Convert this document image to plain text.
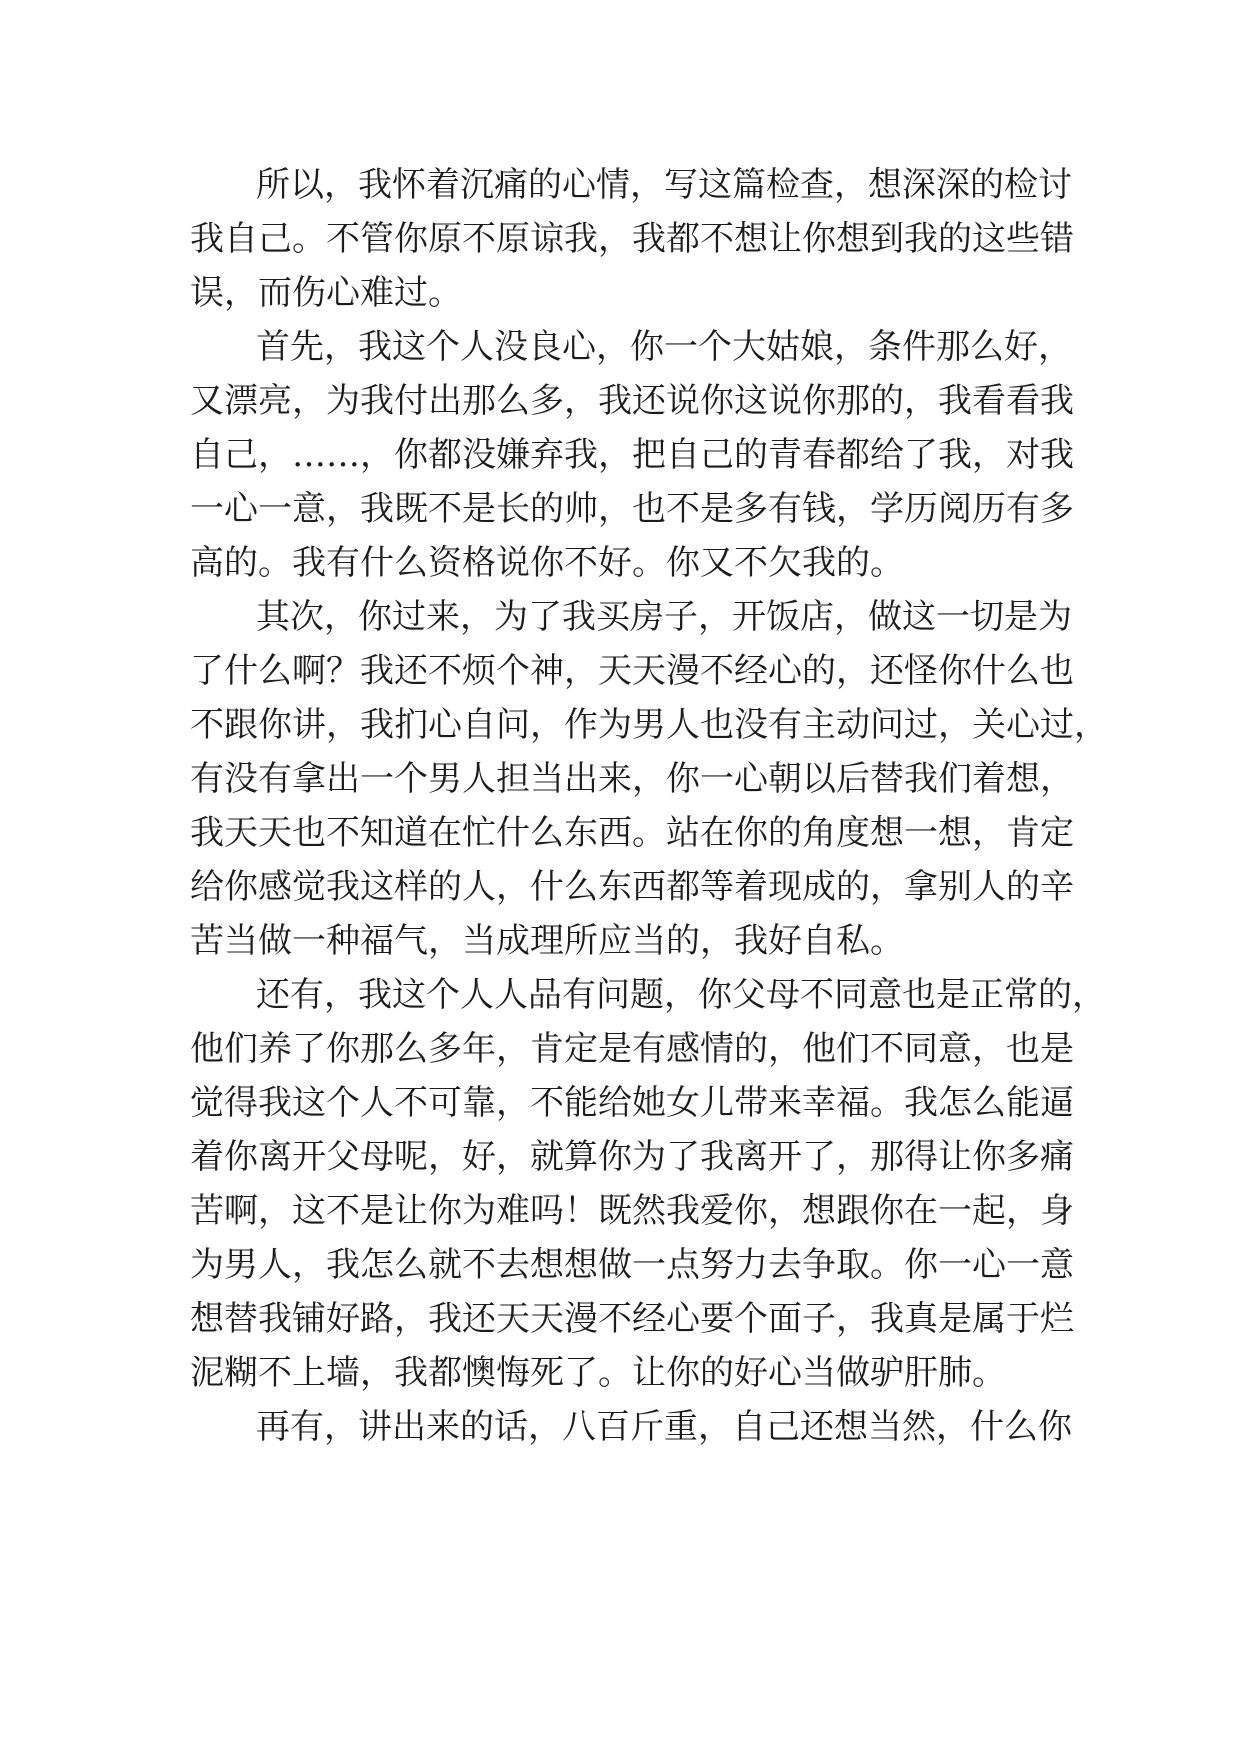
所以，我怀着沉痛的心情，写这篇检查，想深深的检讨
我自己。不管你原不原谅我，我都不想让你想到我的这些错
误，而伤心难过。
首先，我这个人没良心，你一个大姑娘，条件那么好，
又漂亮，为我付出那么多，我还说你这说你那的，我看看我
自己，……，你都没嫌弃我，把自己的青春都给了我，对我
一心一意，我既不是长的帅，也不是多有钱，学历阅历有多
高的。我有什么资格说你不好。你又不欠我的。
其次，你过来，为了我买房子，开饭店，做这一切是为
了什么啊？我还不烦个神，天天漫不经心的，还怪你什么也
不跟你讲，我扪心自问，作为男人也没有主动问过，关心过，
有没有拿出一个男人担当出来，你一心朝以后替我们着想，
我天天也不知道在忙什么东西。站在你的角度想一想，肯定
给你感觉我这样的人，什么东西都等着现成的，拿别人的辛
苦当做一种福气，当成理所应当的，我好自私。
还有，我这个人人品有问题，你父母不同意也是正常的，
他们养了你那么多年，肯定是有感情的，他们不同意，也是
觉得我这个人不可靠，不能给她女儿带来幸福。我怎么能逼
着你离开父母呢，好，就算你为了我离开了，那得让你多痛
苦啊，这不是让你为难吗！既然我爱你，想跟你在一起，身
为男人，我怎么就不去想想做一点努力去争取。你一心一意
想替我铺好路，我还天天漫不经心要个面子，我真是属于烂
泥糊不上墙，我都懊悔死了。让你的好心当做驴肝肺。
再有，讲出来的话，八百斤重，自己还想当然，什么你
